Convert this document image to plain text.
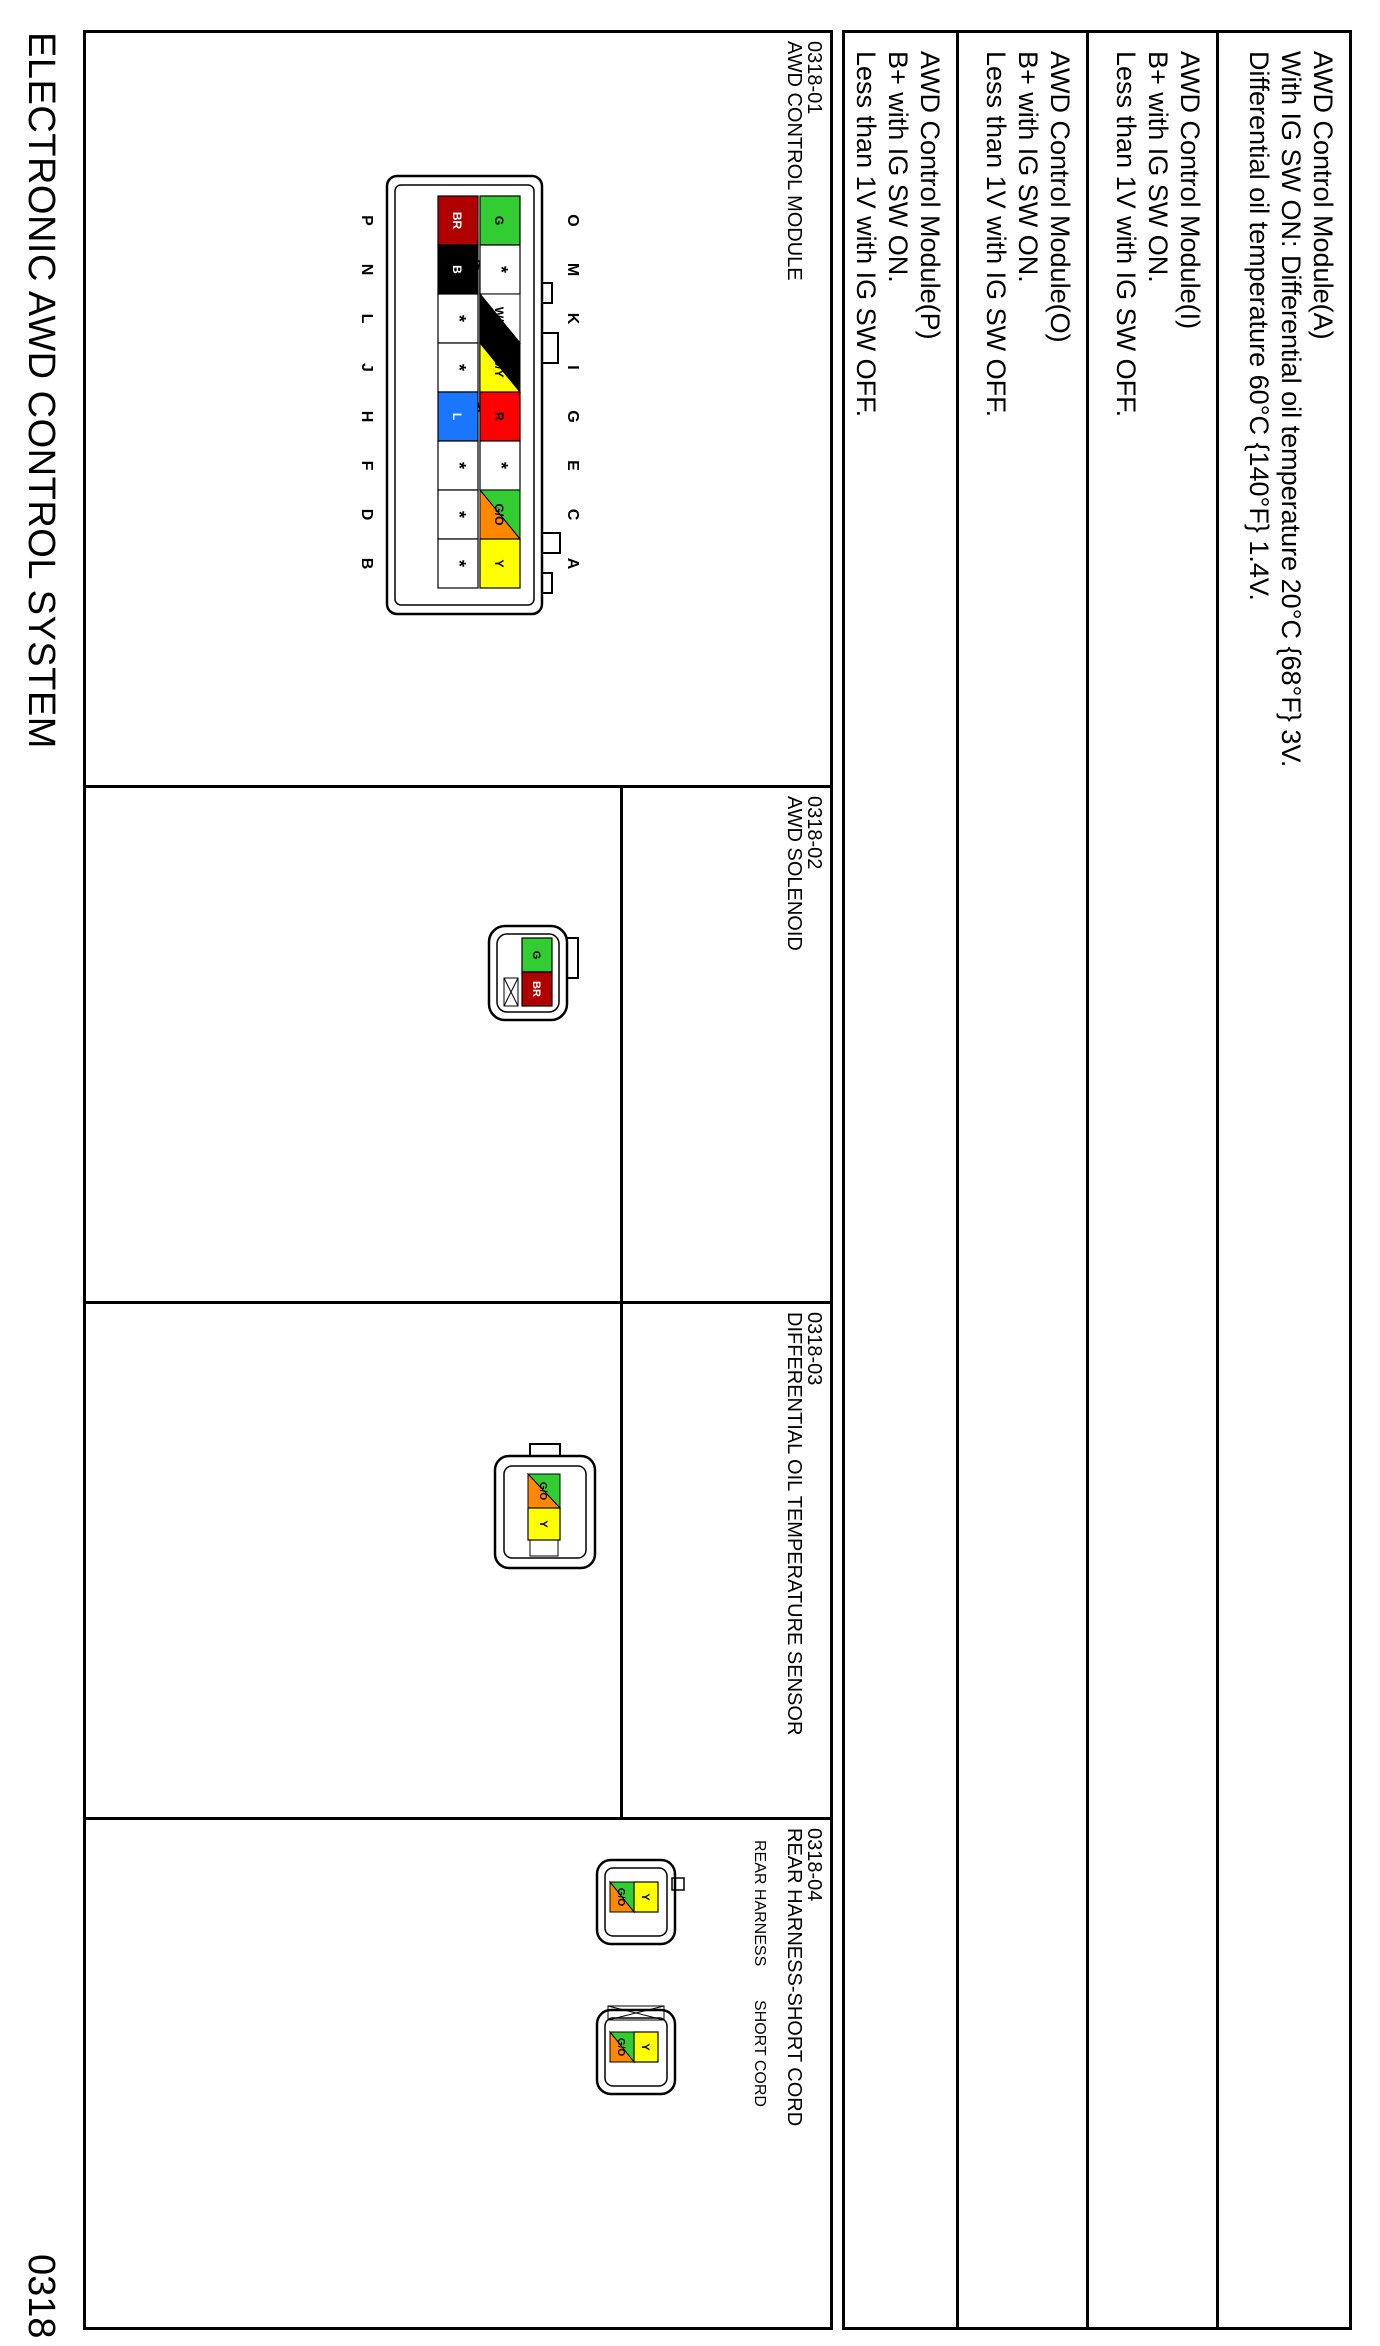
ELECTRONIC AWD CONTROL SYSTEM
0318
0318-01
AWD CONTROL MODULE
G
*
W/B
B/Y
R
*
G/O
Y
BR
B
*
*
L
*
*
*
O
M
K
I
G
E
C
A
P
N
L
J
H
F
D
B
0318-02
AWD SOLENOID
G
BR
0318-03
DIFFERENTIAL OIL TEMPERATURE SENSOR
G/O
Y
0318-04
REAR HARNESS-SHORT CORD
REAR HARNESS
SHORT CORD
Y
G/O
Y
G/O
AWD Control Module(A)
With IG SW ON: Differential oil temperature 20°C {68°F} 3V.
Differential oil temperature 60°C {140°F} 1.4V.
AWD Control Module(I)
B+ with IG SW ON.
Less than 1V with IG SW OFF.
AWD Control Module(O)
B+ with IG SW ON.
Less than 1V with IG SW OFF.
AWD Control Module(P)
B+ with IG SW ON.
Less than 1V with IG SW OFF.
